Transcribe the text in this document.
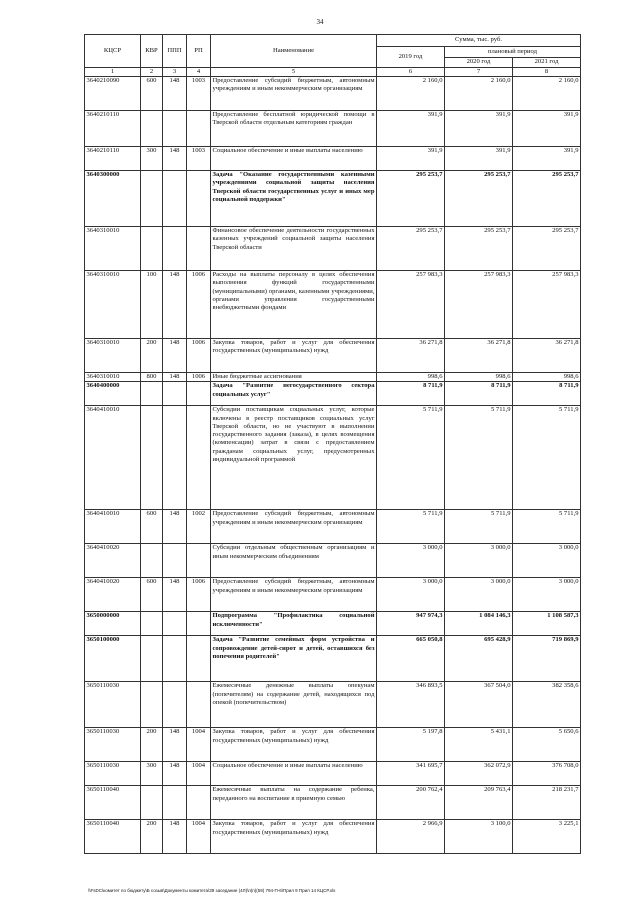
34
КЦСР	КВР	ППП	РП	Наименование	Сумма, тыс. руб.		
					2019 год	плановый период	
						2020 год	2021 год
1	2	3	4	5	6	7	8
3640210090	600	148	1003	Предоставление субсидий бюджетным, автономным учреждениям и иным некоммерческим организациям	2 160,0	2 160,0	2 160,0
3640210110				Предоставление бесплатной юридической помощи в Тверской области отдельным категориям граждан	391,9	391,9	391,9
3640210110	300	148	1003	Социальное обеспечение и иные выплаты населению	391,9	391,9	391,9
3640300000				Задача "Оказание государственными казенными учреждениями социальной защиты населения Тверской области государственных услуг и иных мер социальной поддержки"	295 253,7	295 253,7	295 253,7
3640310010				Финансовое обеспечение деятельности государственных казенных учреждений социальной защиты населения Тверской области	295 253,7	295 253,7	295 253,7
3640310010	100	148	1006	Расходы на выплаты персоналу в целях обеспечения выполнения функций государственными (муниципальными) органами, казенными учреждениями, органами управления государственными внебюджетными фондами	257 983,3	257 983,3	257 983,3
3640310010	200	148	1006	Закупка товаров, работ и услуг для обеспечения государственных (муниципальных) нужд	36 271,8	36 271,8	36 271,8
3640310010	800	148	1006	Иные бюджетные ассигнования	998,6	998,6	998,6
3640400000				Задача "Развитие негосударственного сектора социальных услуг"	8 711,9	8 711,9	8 711,9
3640410010				Субсидии поставщикам социальных услуг, которые включены в реестр поставщиков социальных услуг Тверской области, но не участвуют в выполнении государственного задания (заказа), в целях возмещения (компенсации) затрат в связи с предоставлением гражданам социальных услуг, предусмотренных индивидуальной программой	5 711,9	5 711,9	5 711,9
3640410010	600	148	1002	Предоставление субсидий бюджетным, автономным учреждениям и иным некоммерческим организациям	5 711,9	5 711,9	5 711,9
3640410020				Субсидии отдельным общественным организациям и иным некоммерческим объединениям	3 000,0	3 000,0	3 000,0
3640410020	600	148	1006	Предоставление субсидий бюджетным, автономным учреждениям и иным некоммерческим организациям	3 000,0	3 000,0	3 000,0
3650000000				Подпрограмма "Профилактика социальной исключенности"	947 974,3	1 084 146,3	1 108 587,3
3650100000				Задача "Развитие семейных форм устройства и сопровождение детей-сирот и детей, оставшихся без попечения родителей"	665 050,8	695 428,9	719 869,9
3650110030				Ежемесячные денежные выплаты опекунам (попечителям) на содержание детей, находящихся под опекой (попечительством)	346 893,5	367 504,0	382 358,6
3650110030	200	148	1004	Закупка товаров, работ и услуг для обеспечения государственных (муниципальных) нужд	5 197,8	5 431,1	5 650,6
3650110030	300	148	1004	Социальное обеспечение и иные выплаты населению	341 695,7	362 072,9	376 708,0
3650110040				Ежемесячные выплаты на содержание ребенка, переданного на воспитание в приемную семью	200 762,4	209 763,4	218 231,7
3650110040	200	148	1004	Закупка товаров, работ и услуг для обеспечения государственных (муниципальных) нужд	2 966,9	3 100,0	3 225,1
\\FsDC\комитет по бюджету\Б созыв\Документы комитета\39 заседание (4Л)\п(п)(59) 794-П-6\Прил 9 Прил 14 КЦСР.xls
